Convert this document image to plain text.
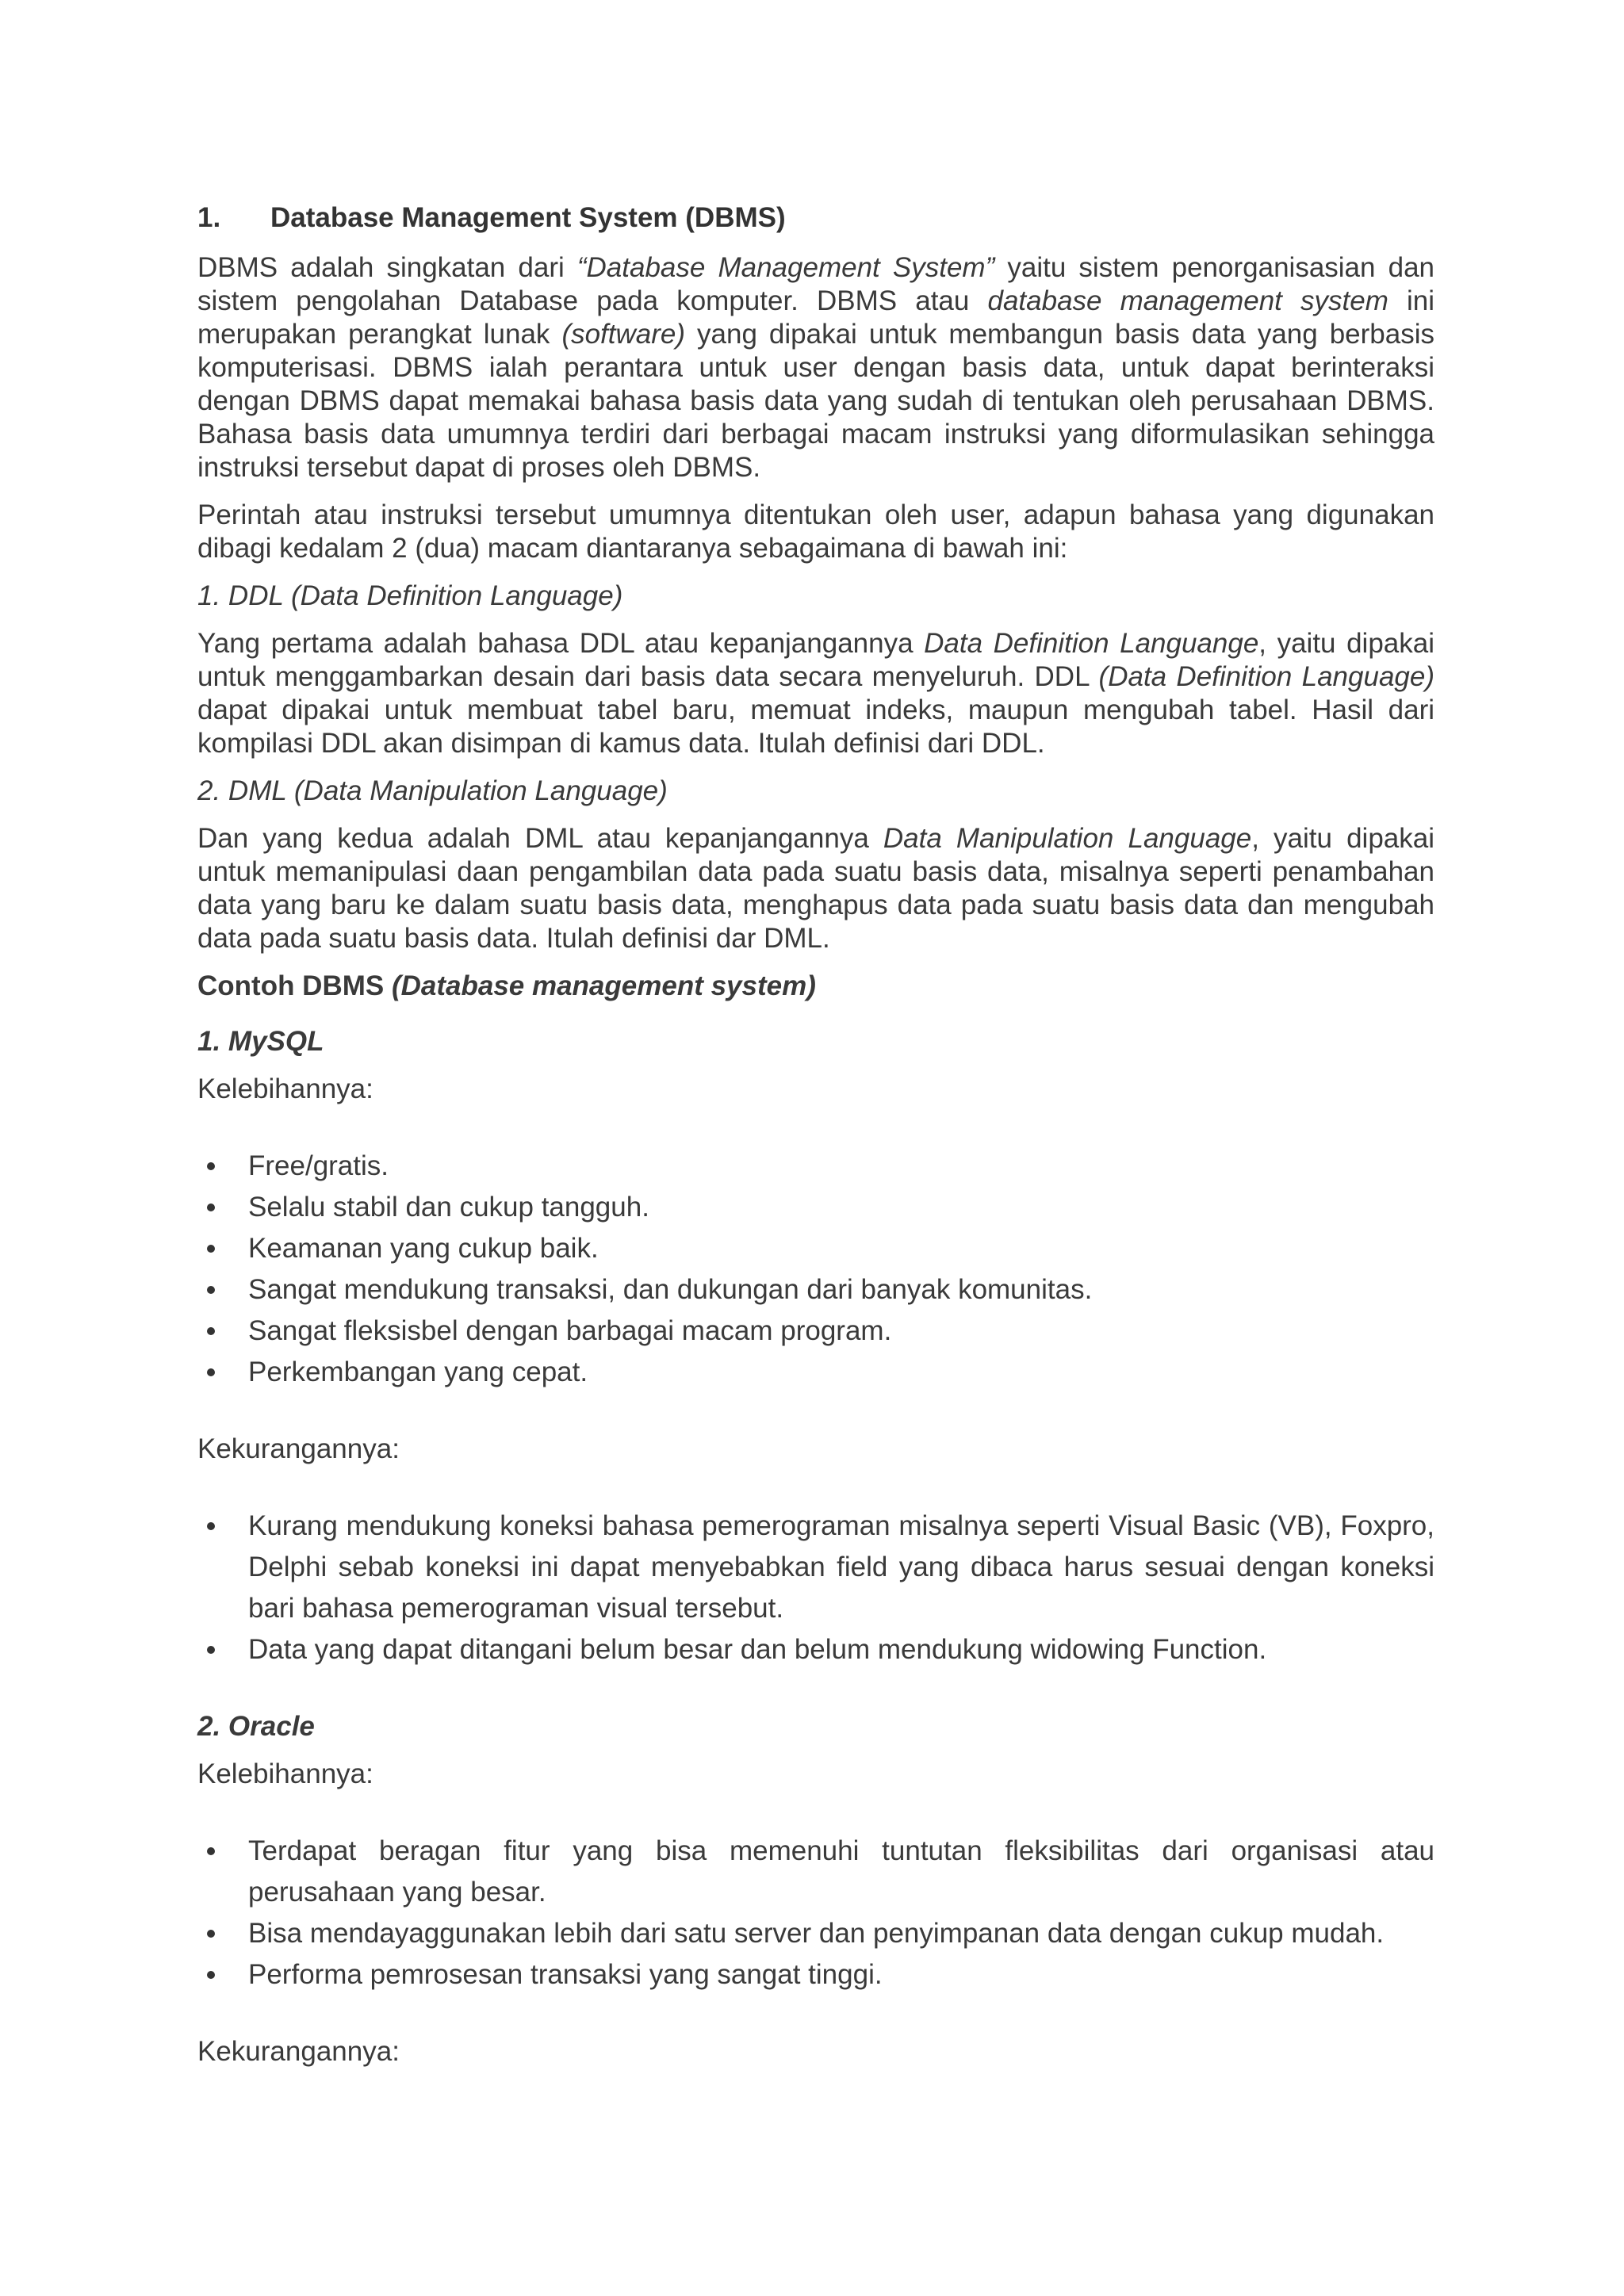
1.	Database Management System (DBMS)

DBMS adalah singkatan dari “Database Management System” yaitu sistem penorganisasian dan sistem pengolahan Database pada komputer. DBMS atau database management system ini merupakan perangkat lunak (software) yang dipakai untuk membangun basis data yang berbasis komputerisasi. DBMS ialah perantara untuk user dengan basis data, untuk dapat berinteraksi dengan DBMS dapat memakai bahasa basis data yang sudah di tentukan oleh perusahaan DBMS. Bahasa basis data umumnya terdiri dari berbagai macam instruksi yang diformulasikan sehingga instruksi tersebut dapat di proses oleh DBMS.

Perintah atau instruksi tersebut umumnya ditentukan oleh user, adapun bahasa yang digunakan dibagi kedalam 2 (dua) macam diantaranya sebagaimana di bawah ini:

1. DDL (Data Definition Language)

Yang pertama adalah bahasa DDL atau kepanjangannya Data Definition Languange, yaitu dipakai untuk menggambarkan desain dari basis data secara menyeluruh. DDL (Data Definition Language) dapat dipakai untuk membuat tabel baru, memuat indeks, maupun mengubah tabel. Hasil dari kompilasi DDL akan disimpan di kamus data. Itulah definisi dari DDL.

2. DML (Data Manipulation Language)

Dan yang kedua adalah DML atau kepanjangannya Data Manipulation Language, yaitu dipakai untuk memanipulasi daan pengambilan data pada suatu basis data, misalnya seperti penambahan data yang baru ke dalam suatu basis data, menghapus data pada suatu basis data dan mengubah data pada suatu basis data. Itulah definisi dar DML.

Contoh DBMS (Database management system)

1. MySQL

Kelebihannya:

Free/gratis.
Selalu stabil dan cukup tangguh.
Keamanan yang cukup baik.
Sangat mendukung transaksi, dan dukungan dari banyak komunitas.
Sangat fleksisbel dengan barbagai macam program.
Perkembangan yang cepat.

Kekurangannya:

Kurang mendukung koneksi bahasa pemerograman misalnya seperti Visual Basic (VB), Foxpro, Delphi sebab koneksi ini dapat menyebabkan field yang dibaca harus sesuai dengan koneksi bari bahasa pemerograman visual tersebut.
Data yang dapat ditangani belum besar dan belum mendukung widowing Function.

2. Oracle

Kelebihannya:

Terdapat beragan fitur yang bisa memenuhi tuntutan fleksibilitas dari organisasi atau perusahaan yang besar.
Bisa mendayaggunakan lebih dari satu server dan penyimpanan data dengan cukup mudah.
Performa pemrosesan transaksi yang sangat tinggi.

Kekurangannya:
